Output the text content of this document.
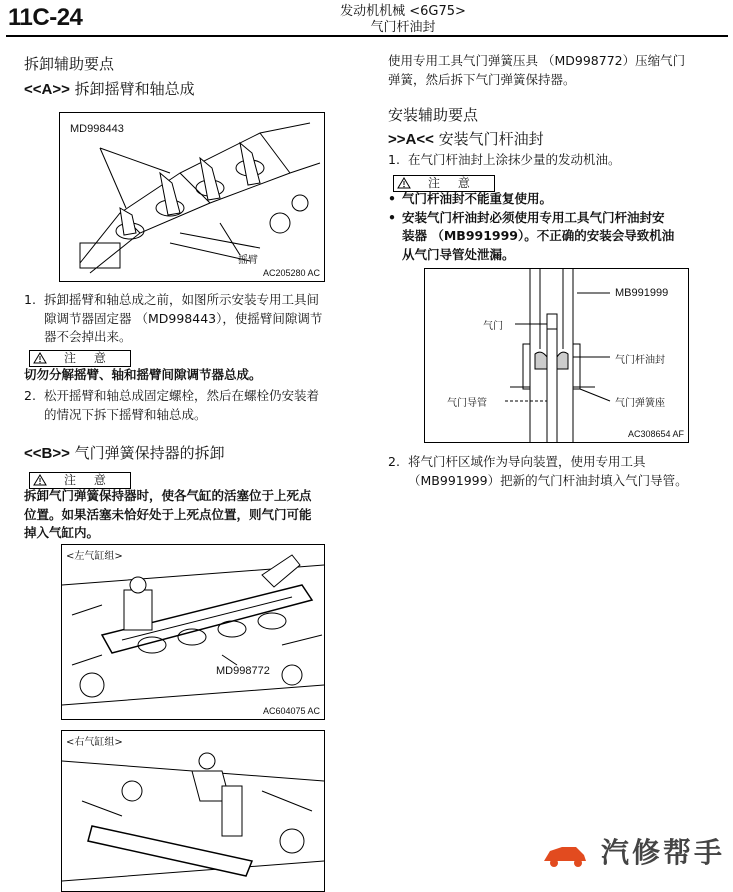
11C-24	发动机机械 <6G75>
气门杆油封
拆卸辅助要点
<<A>> 拆卸摇臂和轴总成
MD998443
摇臂
AC205280 AC
1. 拆卸摇臂和轴总成之前，如图所示安装专用工具间
隙调节器固定器 （MD998443），使摇臂间隙调节
器不会掉出来。
注 意
切勿分解摇臂、轴和摇臂间隙调节器总成。
2. 松开摇臂和轴总成固定螺栓，然后在螺栓仍安装着
的情况下拆下摇臂和轴总成。
<<B>> 气门弹簧保持器的拆卸
注 意
拆卸气门弹簧保持器时，使各气缸的活塞位于上死点
位置。如果活塞未恰好处于上死点位置，则气门可能
掉入气缸内。
<左气缸组>
MD998772
AC604075 AC
<右气缸组>
使用专用工具气门弹簧压具 （MD998772）压缩气门
弹簧，然后拆下气门弹簧保持器。
安装辅助要点
>>A<< 安装气门杆油封
1. 在气门杆油封上涂抹少量的发动机油。
注 意
• 气门杆油封不能重复使用。
• 安装气门杆油封必须使用专用工具气门杆油封安
装器 （MB991999）。不正确的安装会导致机油
从气门导管处泄漏。
MB991999
气门
气门杆油封
气门导管	气门弹簧座
AC308654 AF
2. 将气门杆区域作为导向装置，使用专用工具
（MB991999）把新的气门杆油封填入气门导管。
汽修帮手
